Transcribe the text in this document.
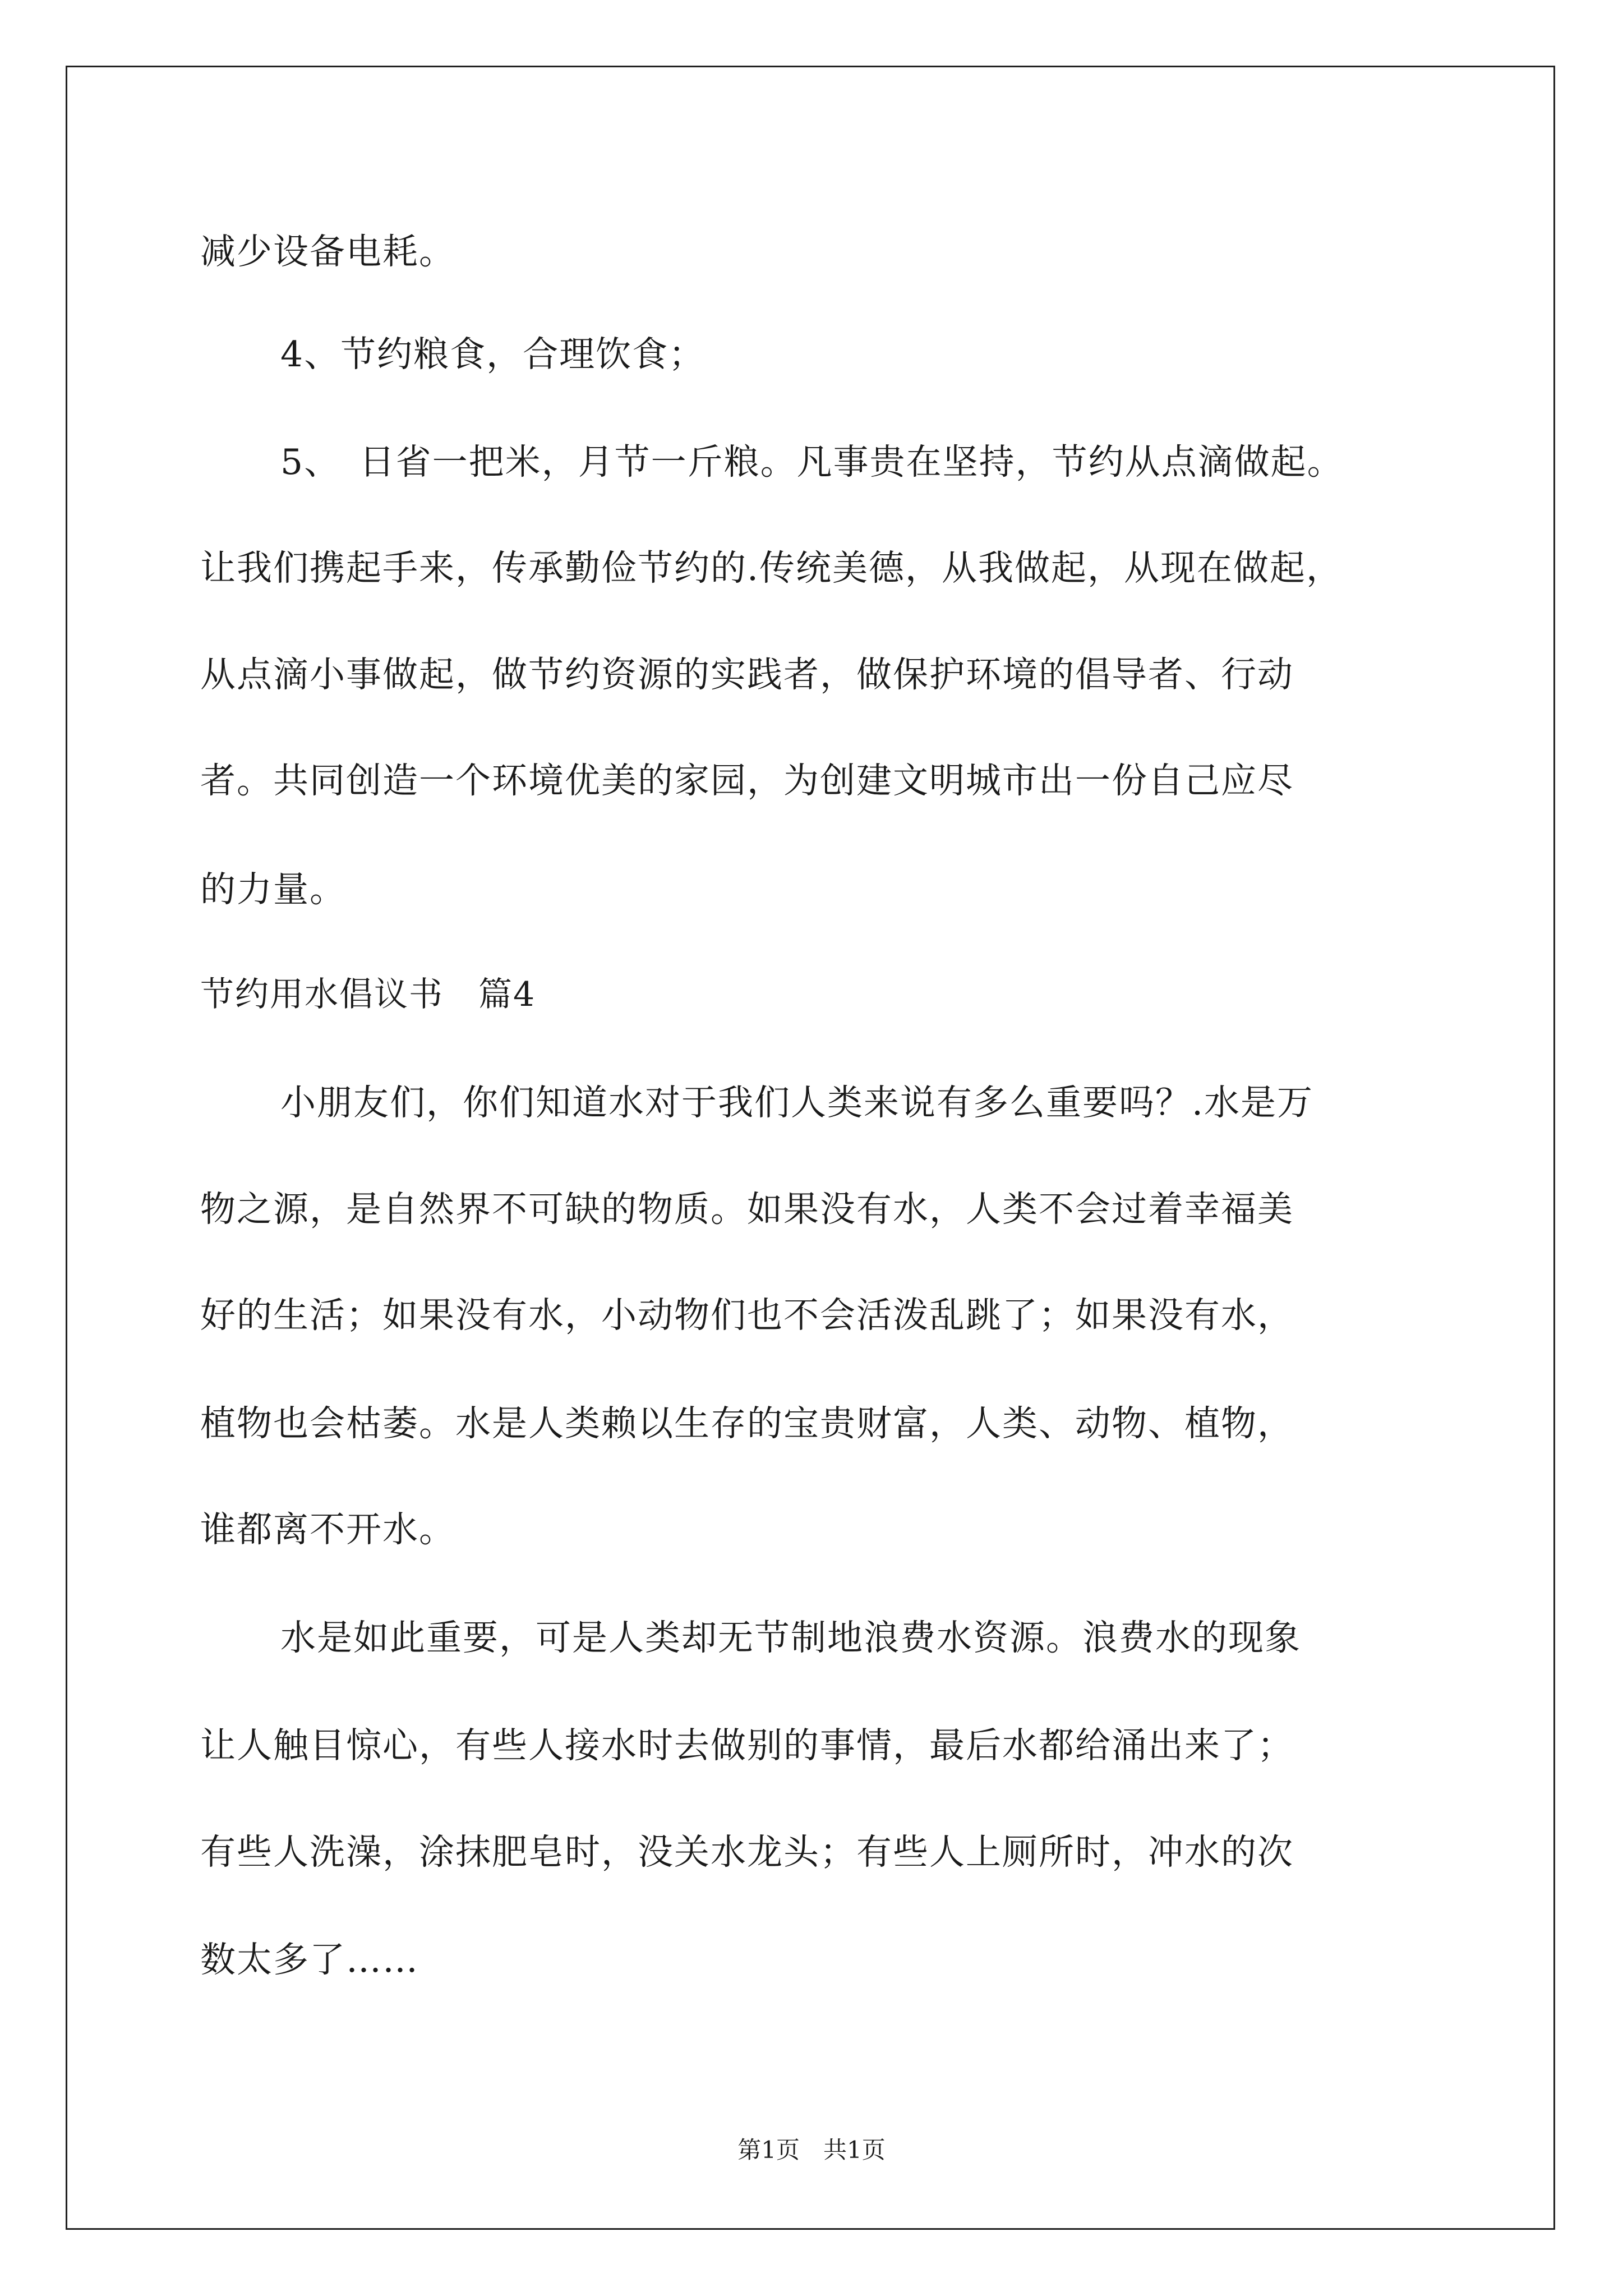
减少设备电耗。
4、节约粮食，合理饮食；
5、　日省一把米，月节一斤粮。凡事贵在坚持，节约从点滴做起。
让我们携起手来，传承勤俭节约的.传统美德，从我做起，从现在做起，
从点滴小事做起，做节约资源的实践者，做保护环境的倡导者、行动
者。共同创造一个环境优美的家园，为创建文明城市出一份自己应尽
的力量。
节约用水倡议书　篇4
小朋友们，你们知道水对于我们人类来说有多么重要吗？.水是万
物之源，是自然界不可缺的物质。如果没有水，人类不会过着幸福美
好的生活；如果没有水，小动物们也不会活泼乱跳了；如果没有水，
植物也会枯萎。水是人类赖以生存的宝贵财富，人类、动物、植物，
谁都离不开水。
水是如此重要，可是人类却无节制地浪费水资源。浪费水的现象
让人触目惊心，有些人接水时去做别的事情，最后水都给涌出来了；
有些人洗澡，涂抹肥皂时，没关水龙头；有些人上厕所时，冲水的次
数太多了……
第1页　共1页
